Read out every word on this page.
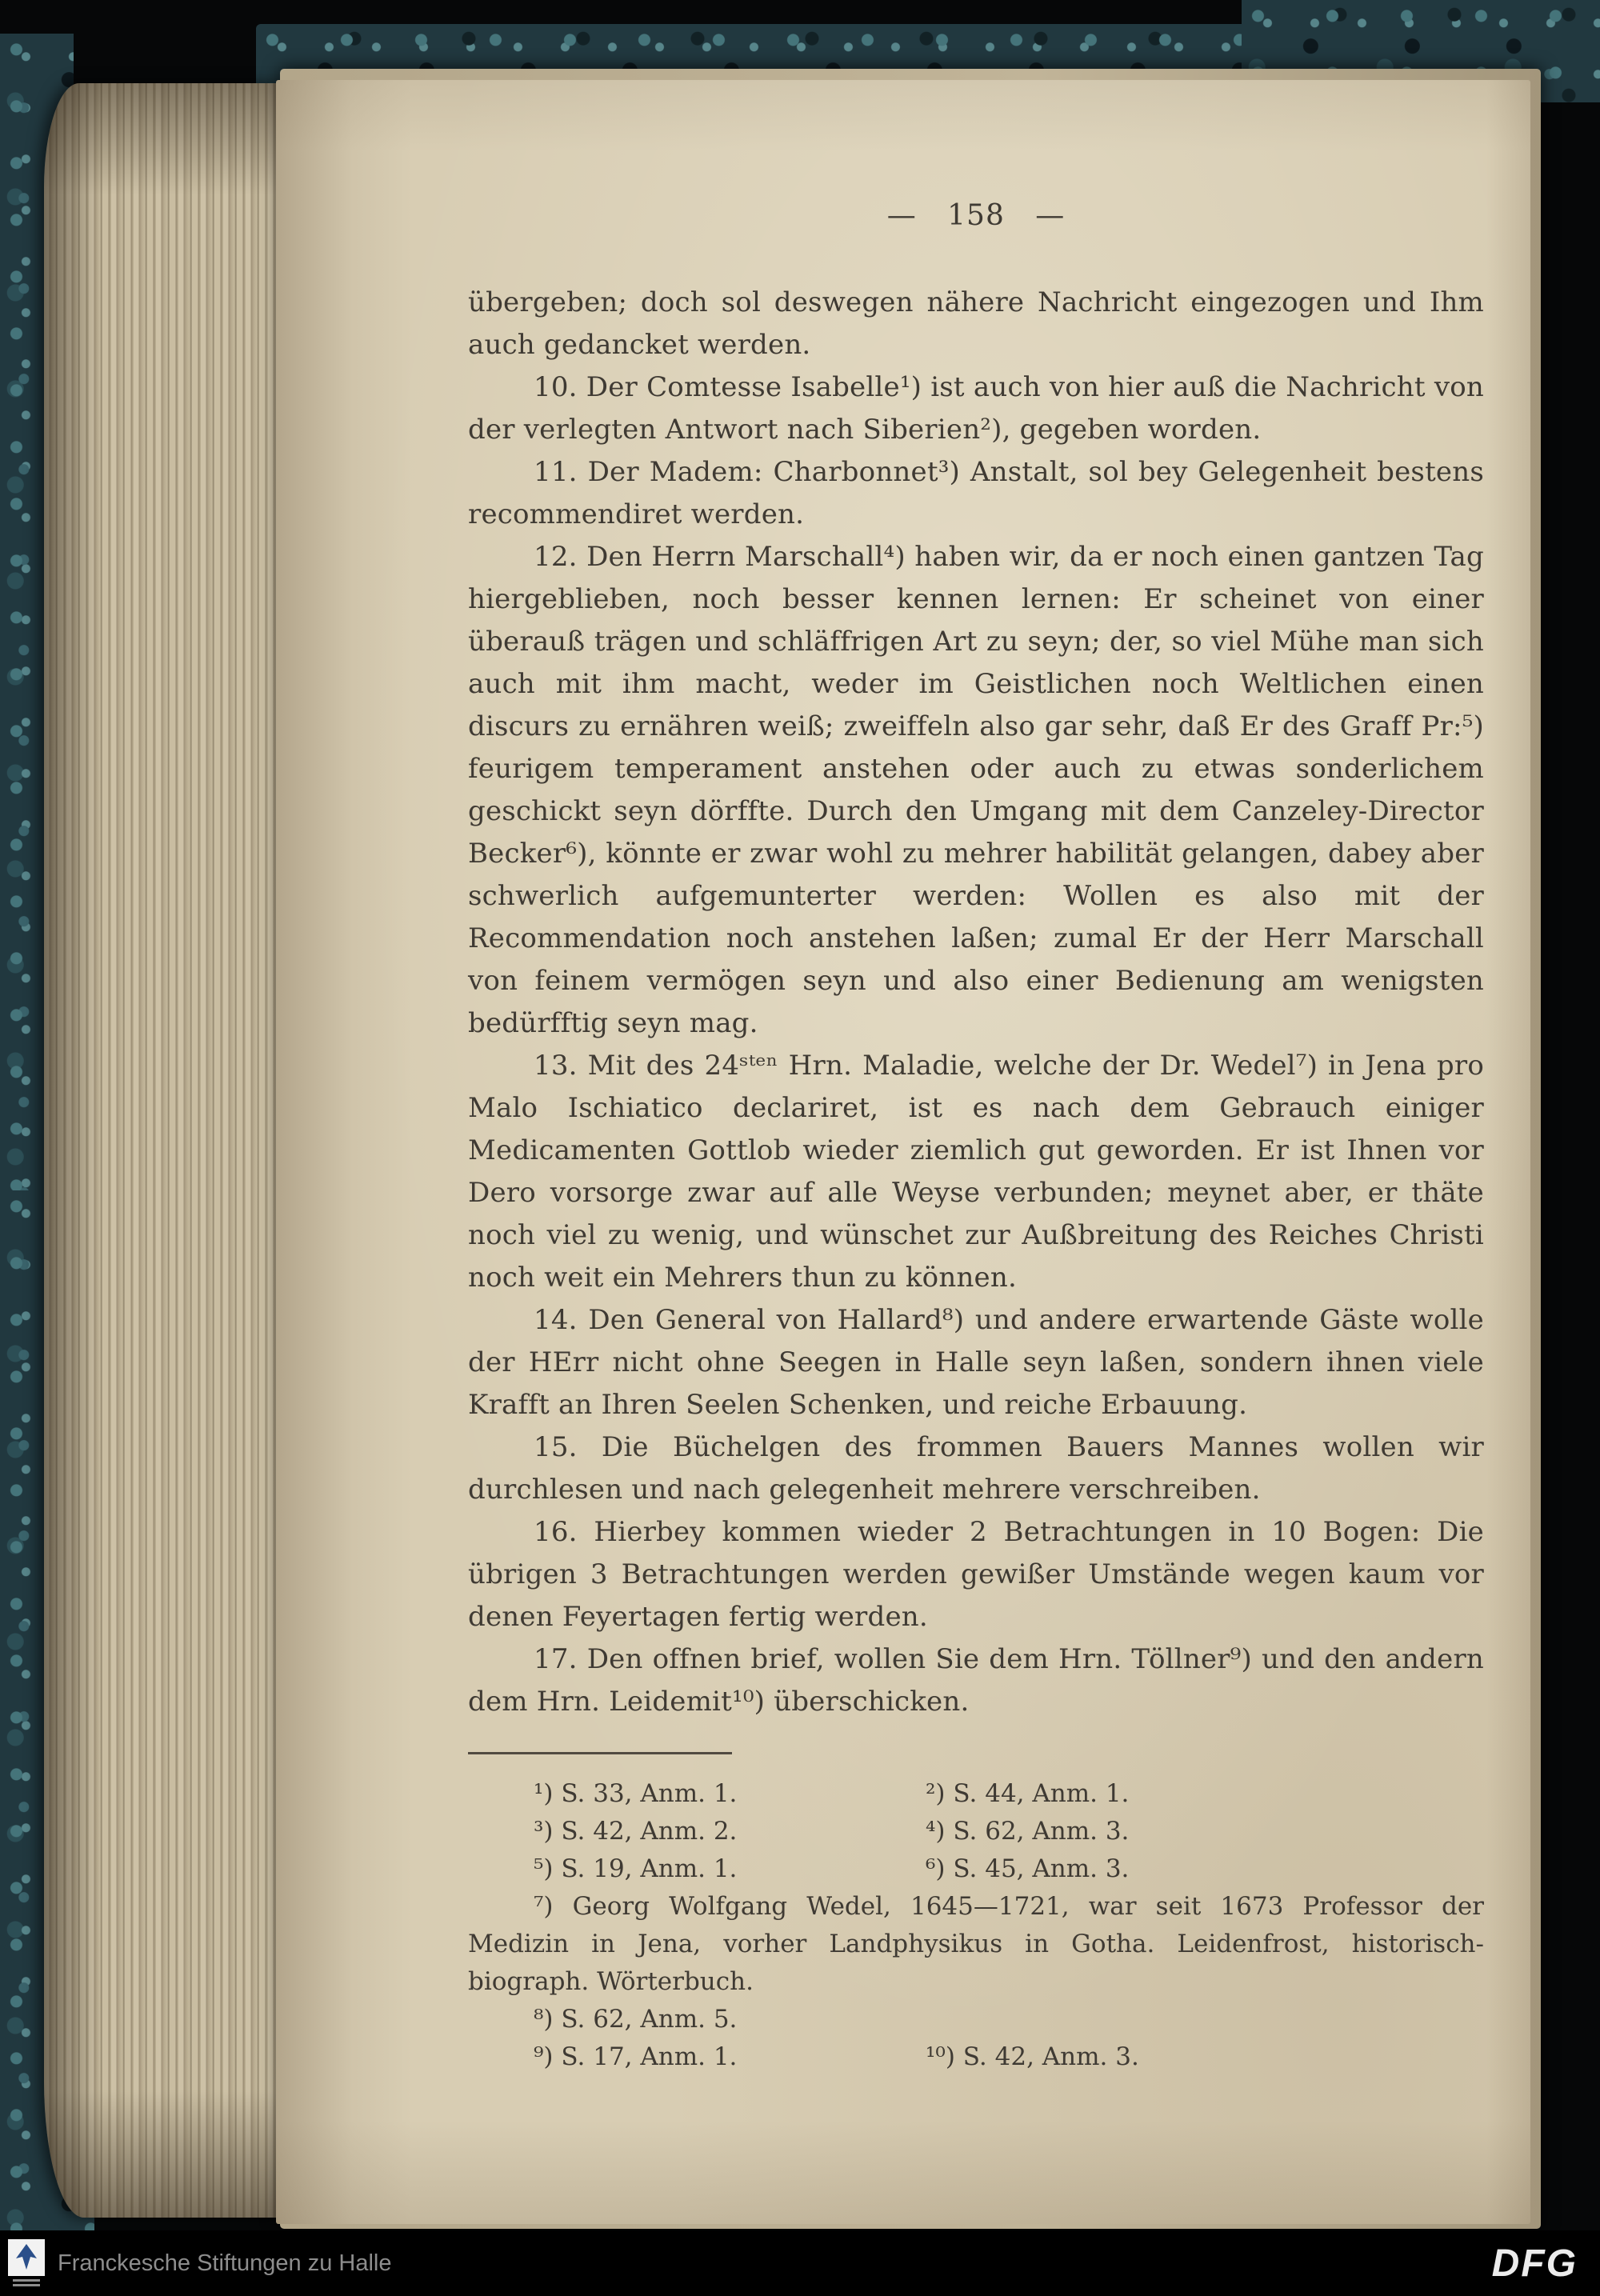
— 158 —

übergeben; doch sol deswegen nähere Nachricht eingezogen und Ihm auch gedancket werden.

10. Der Comtesse Isabelle¹) ist auch von hier auß die Nachricht von der verlegten Antwort nach Siberien²), gegeben worden.

11. Der Madem: Charbonnet³) Anstalt, sol bey Gelegenheit bestens recommendiret werden.

12. Den Herrn Marschall⁴) haben wir, da er noch einen gantzen Tag hiergeblieben, noch besser kennen lernen: Er scheinet von einer überauß trägen und schläffrigen Art zu seyn; der, so viel Mühe man sich auch mit ihm macht, weder im Geistlichen noch Weltlichen einen discurs zu ernähren weiß; zweiffeln also gar sehr, daß Er des Graff Pr:⁵) feurigem temperament anstehen oder auch zu etwas sonderlichem geschickt seyn dörffte. Durch den Umgang mit dem Canzeley-Director Becker⁶), könnte er zwar wohl zu mehrer habilität gelangen, dabey aber schwerlich aufgemunterter werden: Wollen es also mit der Recommendation noch anstehen laßen; zumal Er der Herr Marschall von feinem vermögen seyn und also einer Bedienung am wenigsten bedürfftig seyn mag.

13. Mit des 24ˢᵗᵉⁿ Hrn. Maladie, welche der Dr. Wedel⁷) in Jena pro Malo Ischiatico declariret, ist es nach dem Gebrauch einiger Medicamenten Gottlob wieder ziemlich gut geworden. Er ist Ihnen vor Dero vorsorge zwar auf alle Weyse verbunden; meynet aber, er thäte noch viel zu wenig, und wünschet zur Außbreitung des Reiches Christi noch weit ein Mehrers thun zu können.

14. Den General von Hallard⁸) und andere erwartende Gäste wolle der HErr nicht ohne Seegen in Halle seyn laßen, sondern ihnen viele Krafft an Ihren Seelen Schenken, und reiche Erbauung.

15. Die Büchelgen des frommen Bauers Mannes wollen wir durchlesen und nach gelegenheit mehrere verschreiben.

16. Hierbey kommen wieder 2 Betrachtungen in 10 Bogen: Die übrigen 3 Betrachtungen werden gewißer Umstände wegen kaum vor denen Feyertagen fertig werden.

17. Den offnen brief, wollen Sie dem Hrn. Töllner⁹) und den andern dem Hrn. Leidemit¹⁰) überschicken.

¹) S. 33, Anm. 1.	²) S. 44, Anm. 1.
³) S. 42, Anm. 2.	⁴) S. 62, Anm. 3.
⁵) S. 19, Anm. 1.	⁶) S. 45, Anm. 3.

⁷) Georg Wolfgang Wedel, 1645—1721, war seit 1673 Professor der Medizin in Jena, vorher Landphysikus in Gotha. Leidenfrost, historisch-biograph. Wörterbuch.

⁸) S. 62, Anm. 5.
⁹) S. 17, Anm. 1.	¹⁰) S. 42, Anm. 3.
Franckesche Stiftungen zu Halle	DFG
